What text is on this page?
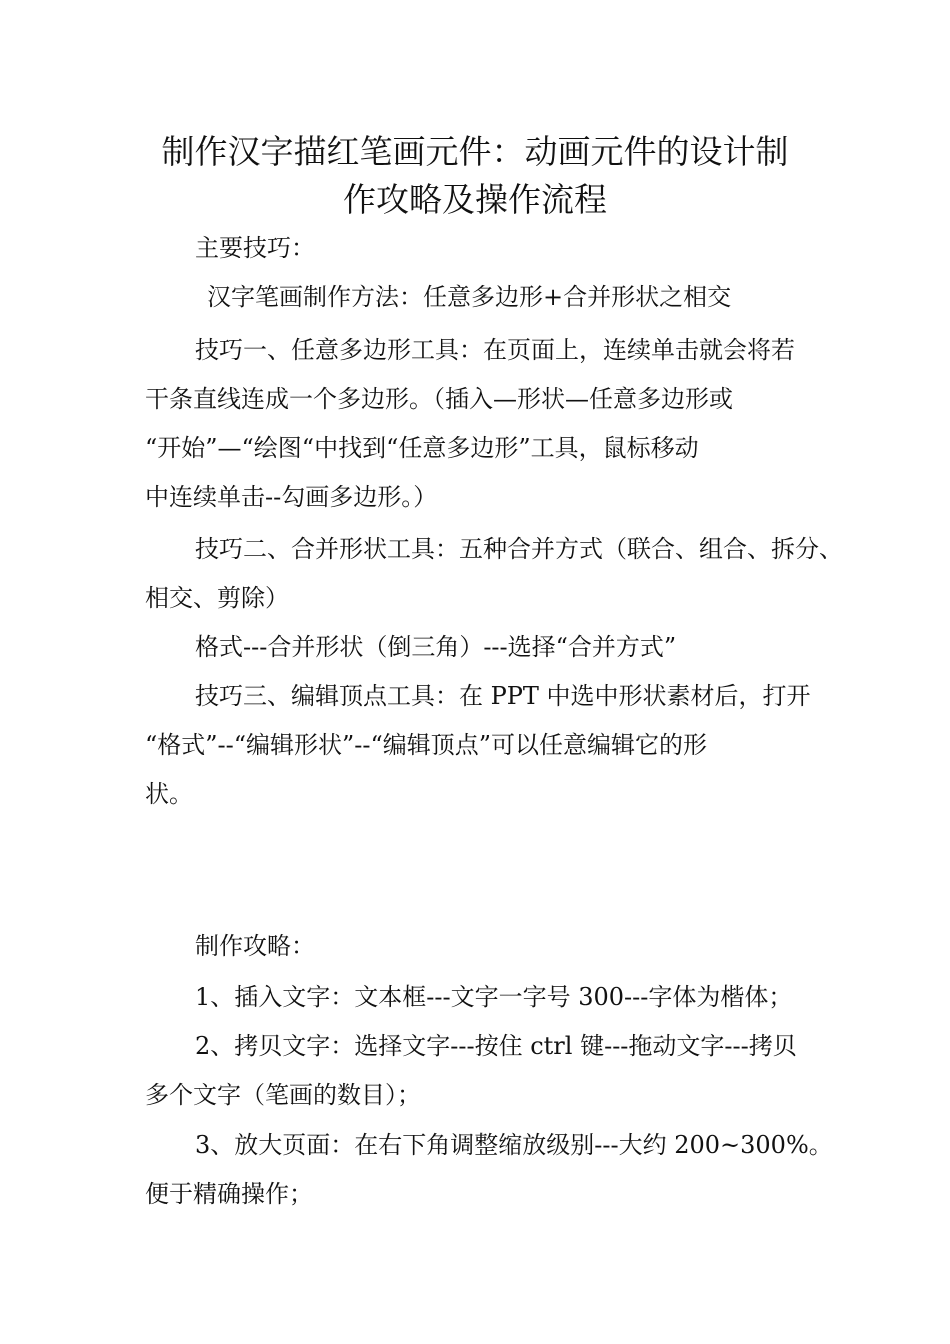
制作汉字描红笔画元件：动画元件的设计制
作攻略及操作流程
主要技巧：
汉字笔画制作方法：任意多边形+合并形状之相交
技巧一、任意多边形工具：在页面上，连续单击就会将若
干条直线连成一个多边形。（插入—形状—任意多边形或
“开始”—“绘图“中找到“任意多边形”工具，鼠标移动
中连续单击--勾画多边形。）
技巧二、合并形状工具：五种合并方式（联合、组合、拆分、
相交、剪除）
格式---合并形状（倒三角）---选择“合并方式”
技巧三、编辑顶点工具：在 PPT 中选中形状素材后，打开
“格式”--“编辑形状”--“编辑顶点”可以任意编辑它的形
状。
制作攻略：
1、插入文字：文本框---文字一字号 300---字体为楷体；
2、拷贝文字：选择文字---按住 ctrl 键---拖动文字---拷贝
多个文字（笔画的数目）；
3、放大页面：在右下角调整缩放级别---大约 200~300%。
便于精确操作；
